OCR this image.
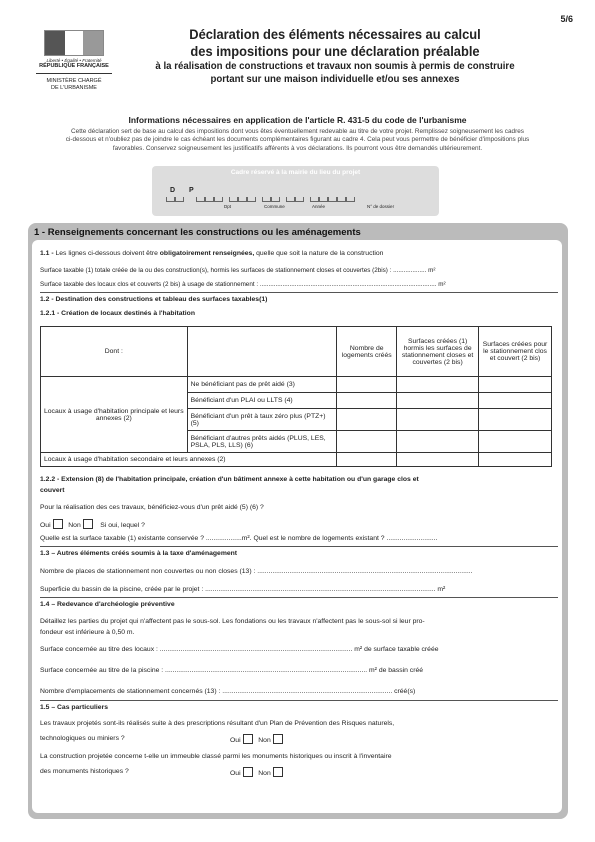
5/6
Liberté • Égalité • Fraternité
RÉPUBLIQUE FRANÇAISE
MINISTÈRE CHARGÉ
DE L'URBANISME
Déclaration des éléments nécessaires au calcul
des impositions pour une déclaration préalable
à la réalisation de constructions et travaux non soumis à permis de construire
portant sur une maison individuelle et/ou ses annexes
Informations nécessaires en application de l'article R. 431-5 du code de l'urbanisme
Cette déclaration sert de base au calcul des impositions dont vous êtes éventuellement redevable au titre de votre projet. Remplissez soigneusement les cadres
ci-dessous et n'oubliez pas de joindre le cas échéant les documents complémentaires figurant au cadre 4. Cela peut vous permettre de bénéficier d'impositions plus
favorables. Conservez soigneusement les justificatifs afférents à vos déclarations. Ils pourront vous être demandés ultérieurement.
Cadre réservé à la mairie du lieu du projet
D P
Dpt	Commune	Année	N° de dossier
1 - Renseignements concernant les constructions ou les aménagements
1.1 - Les lignes ci-dessous doivent être obligatoirement renseignées, quelle que soit la nature de la construction
Surface taxable (1) totale créée de la ou des construction(s), hormis les surfaces de stationnement closes et couvertes (2bis) : ................... m²
Surface taxable des locaux clos et couverts (2 bis) à usage de stationnement : ..................................................................................................... m²
1.2 - Destination des constructions et tableau des surfaces taxables(1)
1.2.1 - Création de locaux destinés à l'habitation
Dont :		Nombre de logements créés	Surfaces créées (1) hormis les surfaces de stationnement closes et couvertes (2 bis)	Surfaces créées pour le stationnement clos et couvert (2 bis)
Locaux à usage d'habitation principale et leurs annexes (2)	Ne bénéficiant pas de prêt aidé (3)			
	Bénéficiant d'un PLAI ou LLTS (4)			
	Bénéficiant d'un prêt à taux zéro plus (PTZ+) (5)			
	Bénéficiant d'autres prêts aidés (PLUS, LES, PSLA, PLS, LLS) (6)			
Locaux à usage d'habitation secondaire et leurs annexes (2)				
1.2.2 - Extension (8) de l'habitation principale, création d'un bâtiment annexe à cette habitation ou d'un garage clos et
couvert
Pour la réalisation des ces travaux, bénéficiez-vous d'un prêt aidé (5) (6) ?
Oui	Non	Si oui, lequel ?
Quelle est la surface taxable (1) existante conservée ? ...................m². Quel est le nombre de logements existant ? ...........................
1.3 – Autres éléments créés soumis à la taxe d'aménagement
Nombre de places de stationnement non couvertes ou non closes (13) : ..................................................................................................................
Superficie du bassin de la piscine, créée par le projet : .......................................................................................................................... m²
1.4 – Redevance d'archéologie préventive
Détaillez les parties du projet qui n'affectent pas le sous-sol. Les fondations ou les travaux n'affectent pas le sous-sol si leur pro-
fondeur est inférieure à 0,50 m.
Surface concernée au titre des locaux : ...................................................................................................... m² de surface taxable créée
Surface concernée au titre de la piscine : ........................................................................................................... m² de bassin créé
Nombre d'emplacements de stationnement concernés (13) : .......................................................................................... créé(s)
1.5 – Cas particuliers
Les travaux projetés sont-ils réalisés suite à des prescriptions résultant d'un Plan de Prévention des Risques naturels,
technologiques ou miniers ?	Oui	Non
La construction projetée concerne t-elle un immeuble classé parmi les monuments historiques ou inscrit à l'inventaire
des monuments historiques ?	Oui	Non
